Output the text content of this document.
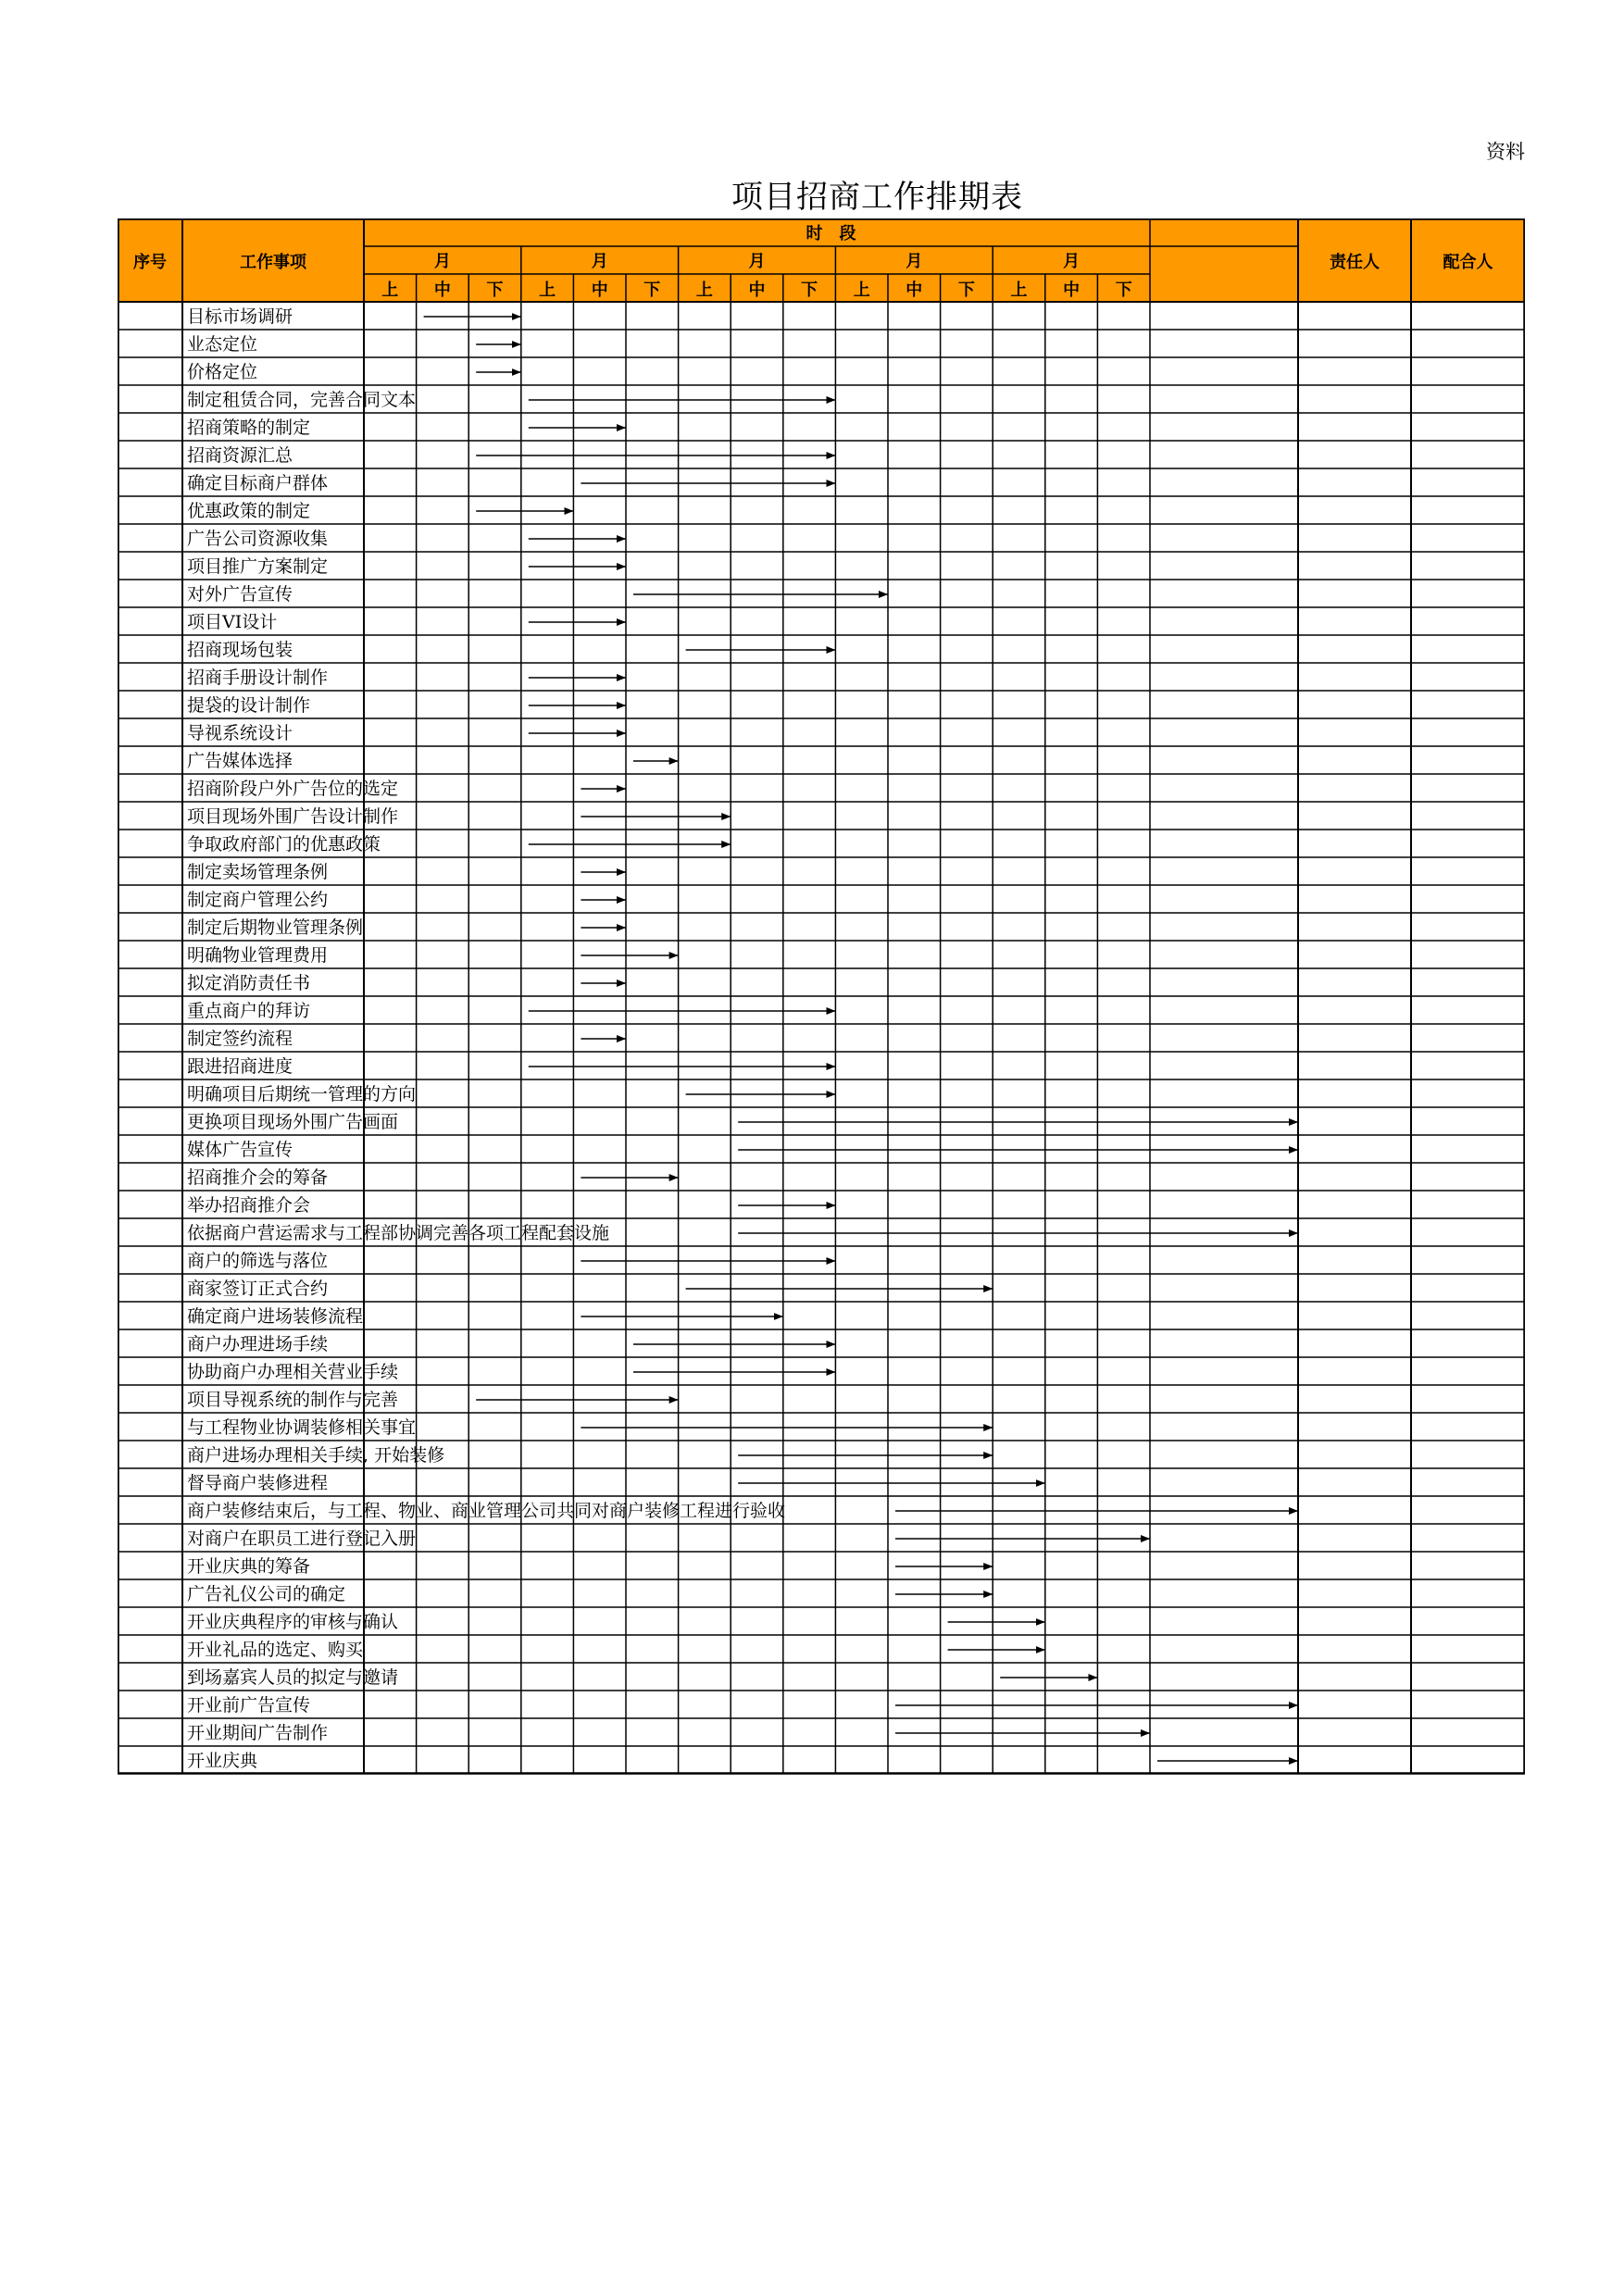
资料
项目招商工作排期表
序号	工作事项
时　段
月
上 中 下
月
上 中 下
月
上 中 下
月
上 中 下
月
上 中 下
责任人	配合人
目标市场调研
业态定位
价格定位
制定租赁合同，完善合同文本
招商策略的制定
招商资源汇总
确定目标商户群体
优惠政策的制定
广告公司资源收集
项目推广方案制定
对外广告宣传
项目VI设计
招商现场包装
招商手册设计制作
提袋的设计制作
导视系统设计
广告媒体选择
招商阶段户外广告位的选定
项目现场外围广告设计制作
争取政府部门的优惠政策
制定卖场管理条例
制定商户管理公约
制定后期物业管理条例
明确物业管理费用
拟定消防责任书
重点商户的拜访
制定签约流程
跟进招商进度
明确项目后期统一管理的方向
更换项目现场外围广告画面
媒体广告宣传
招商推介会的筹备
举办招商推介会
依据商户营运需求与工程部协调完善各项工程配套设施
商户的筛选与落位
商家签订正式合约
确定商户进场装修流程
商户办理进场手续
协助商户办理相关营业手续
项目导视系统的制作与完善
与工程物业协调装修相关事宜
商户进场办理相关手续, 开始装修
督导商户装修进程
商户装修结束后，与工程、物业、商业管理公司共同对商户装修工程进行验收
对商户在职员工进行登记入册
开业庆典的筹备
广告礼仪公司的确定
开业庆典程序的审核与确认
开业礼品的选定、购买
到场嘉宾人员的拟定与邀请
开业前广告宣传
开业期间广告制作
开业庆典
